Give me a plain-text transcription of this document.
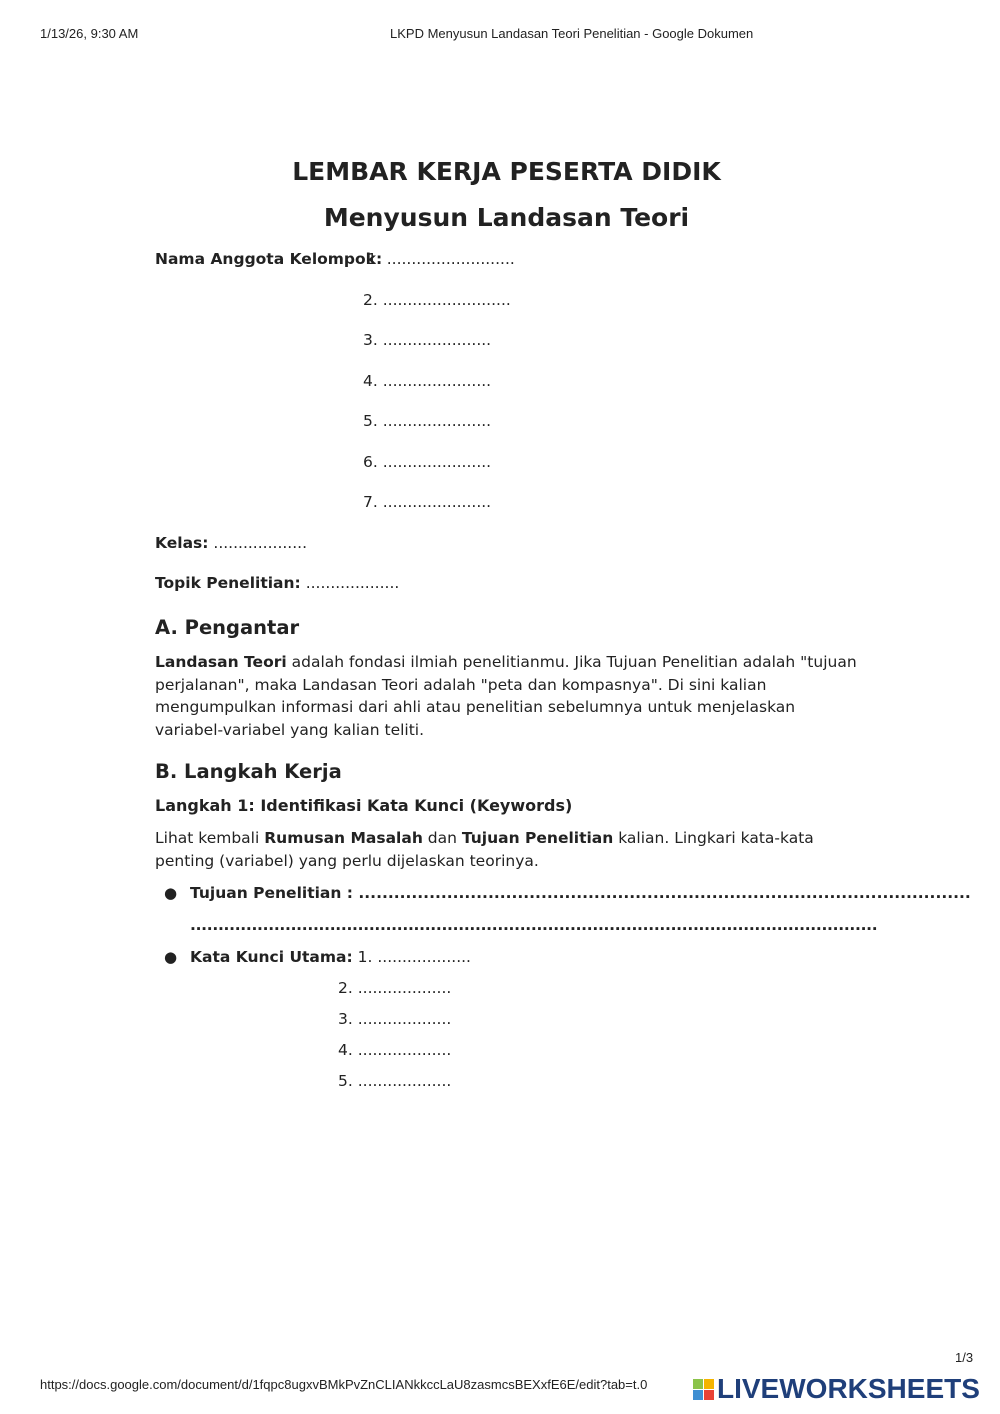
1/13/26, 9:30 AM	LKPD Menyusun Landasan Teori Penelitian - Google Dokumen
LEMBAR KERJA PESERTA DIDIK
Menyusun Landasan Teori
Nama Anggota Kelompok:
1. ..........................
2. ..........................
3. ......................
4. ......................
5. ......................
6. ......................
7. ......................
Kelas: ...................
Topik Penelitian: ...................
A. Pengantar
Landasan Teori adalah fondasi ilmiah penelitianmu. Jika Tujuan Penelitian adalah "tujuan perjalanan", maka Landasan Teori adalah "peta dan kompasnya". Di sini kalian mengumpulkan informasi dari ahli atau penelitian sebelumnya untuk menjelaskan variabel-variabel yang kalian teliti.
B. Langkah Kerja
Langkah 1: Identifikasi Kata Kunci (Keywords)
Lihat kembali Rumusan Masalah dan Tujuan Penelitian kalian. Lingkari kata-kata penting (variabel) yang perlu dijelaskan teorinya.
● Tujuan Penelitian : ........................................................................................................
...........................................................................................................................
● Kata Kunci Utama: 1. ...................
2. ...................
3. ...................
4. ...................
5. ...................
https://docs.google.com/document/d/1fqpc8ugxvBMkPvZnCLIANkkccLaU8zasmcsBEXxfE6E/edit?tab=t.0
1/3
LIVEWORKSHEETS
